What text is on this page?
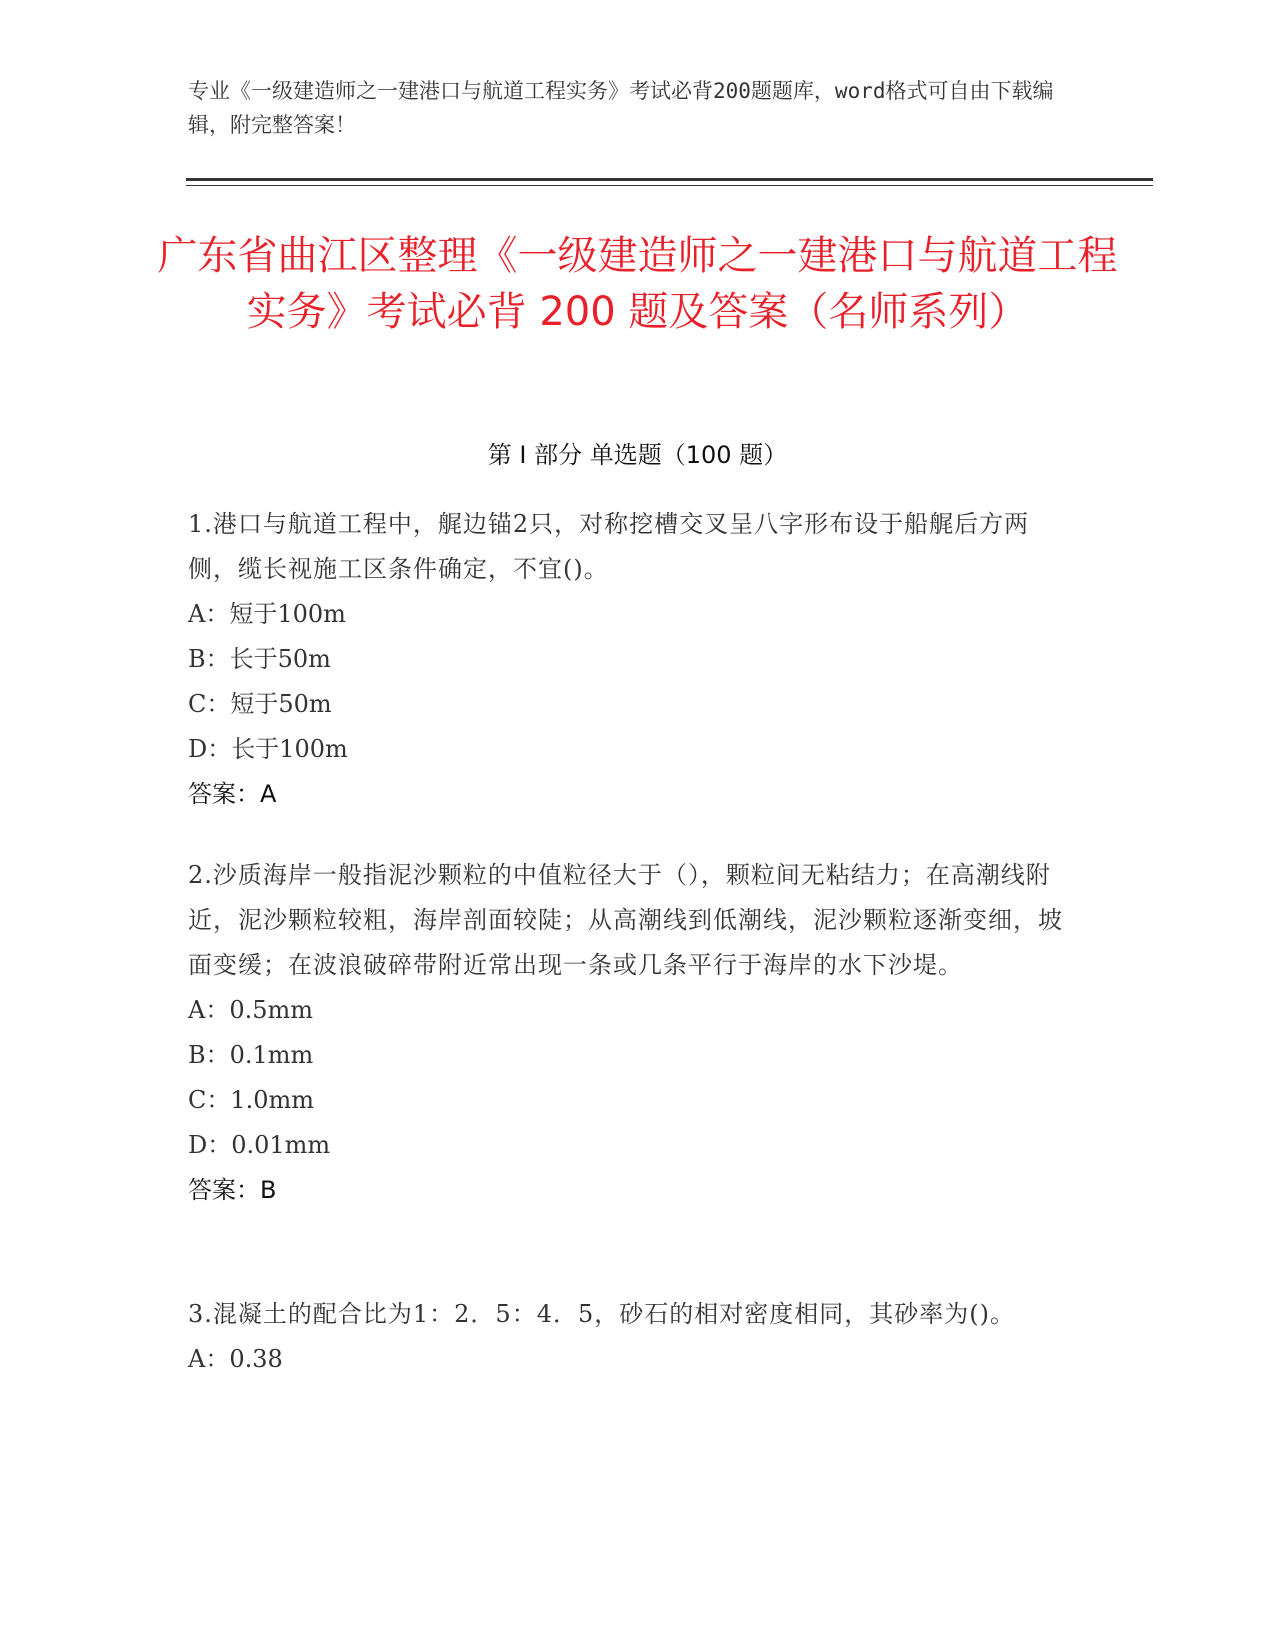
专业《一级建造师之一建港口与航道工程实务》考试必背200题题库，word格式可自由下载编辑，附完整答案！
广东省曲江区整理《一级建造师之一建港口与航道工程实务》考试必背 200 题及答案（名师系列）
第 I 部分 单选题（100 题）
1.港口与航道工程中，艉边锚2只，对称挖槽交叉呈八字形布设于船艉后方两侧，缆长视施工区条件确定，不宜()。
A：短于100m
B：长于50m
C：短于50m
D：长于100m
答案：A
2.沙质海岸一般指泥沙颗粒的中值粒径大于（），颗粒间无粘结力；在高潮线附近，泥沙颗粒较粗，海岸剖面较陡；从高潮线到低潮线，泥沙颗粒逐渐变细，坡面变缓；在波浪破碎带附近常出现一条或几条平行于海岸的水下沙堤。
A：0.5mm
B：0.1mm
C：1.0mm
D：0.01mm
答案：B
3.混凝土的配合比为1：2．5：4．5，砂石的相对密度相同，其砂率为()。
A：0.38
